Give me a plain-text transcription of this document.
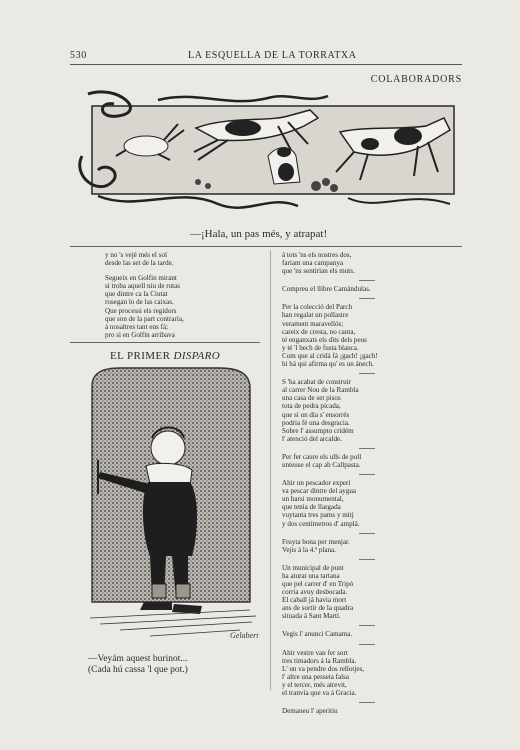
530	LA ESQUELLA DE LA TORRATXA
COLABORADORS
—¡Hala, un pas més, y atrapat!

y no 's vejé més el sol

desde las set de la tarde.

Segueix en Golfin mirant

si troba aquell niu de rutas

que dintre ca la Ciutat

rosegan lo de las caixas.

Que processi els regidors

que son de la part contraria,

á nosaltres tant ens fá;

pro si en Golfin arribava

EL PRIMER DISPARO
Gelabert
—Veyám aquest burinot...
(Cada hú cassa 'l que pot.)

á tots 'ns els nostres dos,

fariam una campanya

que 'ns sentirian els muts.

Compreu el llibre Camándulas.

Per la colecció del Parch

han regalat un pollastre

verament maravellós;

careix de cresta, no canta,

té enganxats els dits dels peus

y té 'l bech de fusta blanca.

Com que al cridá fá ¡gach! ¡gach!

hi há qui afirma qu' es un ánech.

S 'ha acabat de construir

al carrer Nou de la Rambla

una casa de set pisos

tota de pedra picada,

que si un dia s' ensorrés

podria fé una desgracia.

Sobre l' assumpto cridém

l' atenció del arcalde.

Per fer caure els ulls de poll

unteuse el cap ab Callpasta.

Ahir un pescador experi

va pescar dintre del aygua

un barsi monumental,

que tenia de llargada

vuytanta tres pams y mitj

y dos centímetros d' amplá.

Fruyta bona per menjar.

Vejis á la 4.ª plana.

Un municipal de punt

ha aturat una tartana

que pel carrer d' en Tripó

corria avuy desbocada.

El caball já havia mort

ans de sortir de la quadra

situada á Sant Martí.

Vegis l' anunci Camama.

Ahir vestre van fer sort

tres timadors á la Rambla.

L' un va pendre dos rellotjes,

l' altre una pesseta falsa

y el tercer, més atrevit,

el tranvía que va á Gracia.

Demaneu l' aperitiu
